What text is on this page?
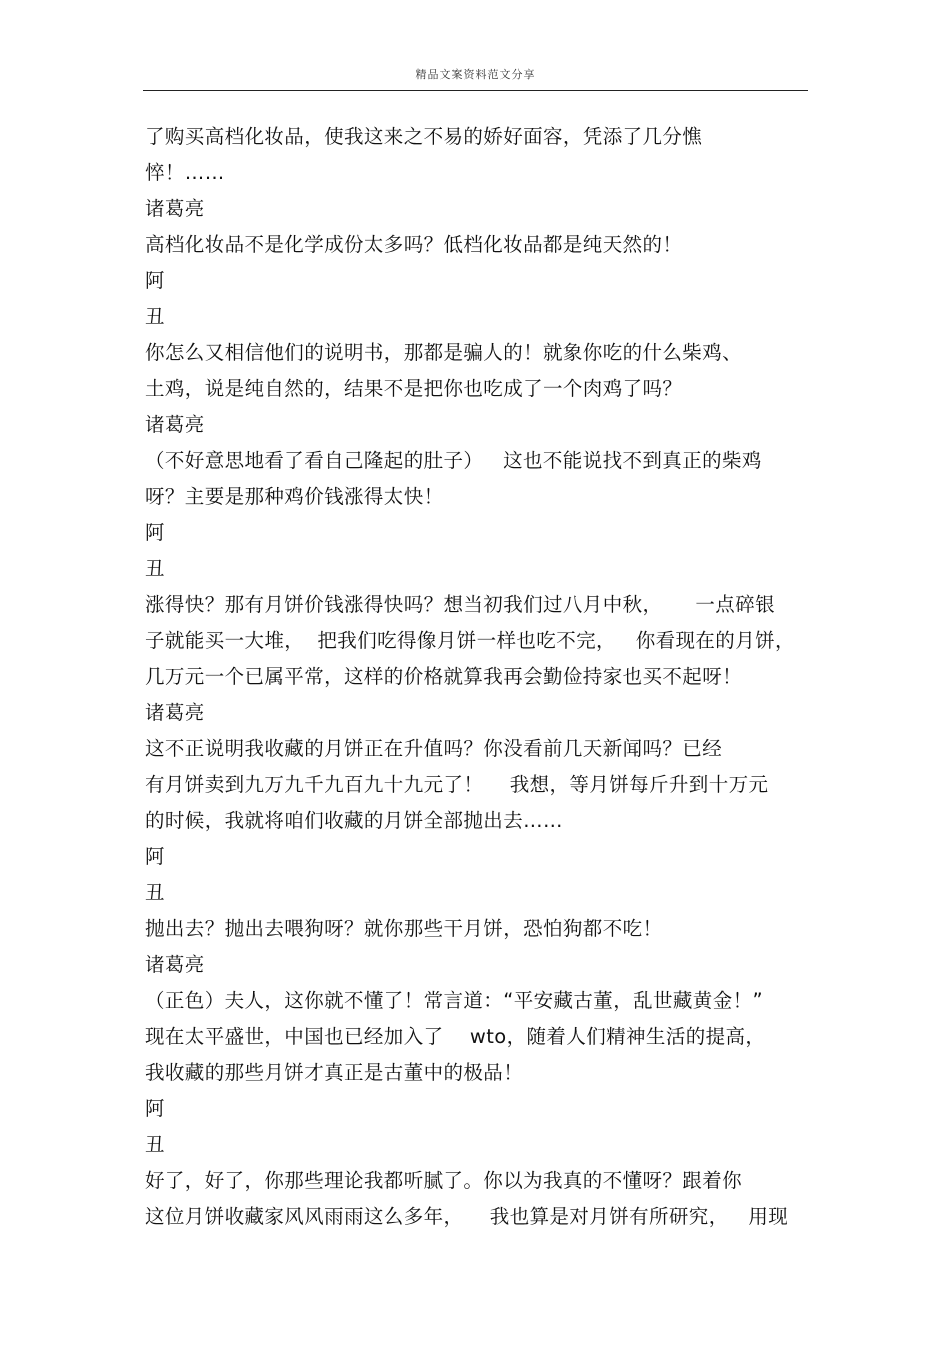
精品文案资料范文分享
了购买高档化妆品，使我这来之不易的娇好面容，凭添了几分憔
悴！……
诸葛亮
高档化妆品不是化学成份太多吗？低档化妆品都是纯天然的！
阿
丑
你怎么又相信他们的说明书，那都是骗人的！就象你吃的什么柴鸡、
土鸡，说是纯自然的，结果不是把你也吃成了一个肉鸡了吗？
诸葛亮
（不好意思地看了看自己隆起的肚子）   这也不能说找不到真正的柴鸡
呀？主要是那种鸡价钱涨得太快！
阿
丑
涨得快？那有月饼价钱涨得快吗？想当初我们过八月中秋，     一点碎银
子就能买一大堆，  把我们吃得像月饼一样也吃不完，   你看现在的月饼，
几万元一个已属平常，这样的价格就算我再会勤俭持家也买不起呀！
诸葛亮
这不正说明我收藏的月饼正在升值吗？你没看前几天新闻吗？已经
有月饼卖到九万九千九百九十九元了！    我想，等月饼每斤升到十万元
的时候，我就将咱们收藏的月饼全部抛出去……
阿
丑
抛出去？抛出去喂狗呀？就你那些干月饼，恐怕狗都不吃！
诸葛亮
（正色）夫人，这你就不懂了！常言道：“平安藏古董，乱世藏黄金！”
现在太平盛世，中国也已经加入了    wto，随着人们精神生活的提高，
我收藏的那些月饼才真正是古董中的极品！
阿
丑
好了，好了，你那些理论我都听腻了。你以为我真的不懂呀？跟着你
这位月饼收藏家风风雨雨这么多年，    我也算是对月饼有所研究，   用现
